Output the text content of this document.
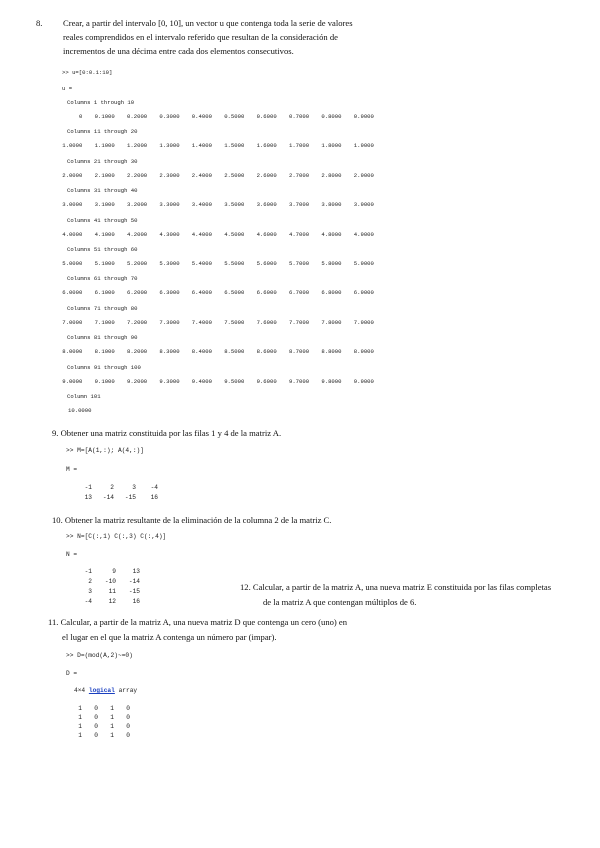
8. Crear, a partir del intervalo [0, 10], un vector u que contenga toda la serie de valores
reales comprendidos en el intervalo referido que resultan de la consideración de
incrementos de una décima entre cada dos elementos consecutivos.
>> u=[0:0.1:10]
u =
Columns 1 through 10
0	0.1000	0.2000	0.3000	0.4000	0.5000	0.6000	0.7000	0.8000	0.9000
Columns 11 through 20
1.0000	1.1000	1.2000	1.3000	1.4000	1.5000	1.6000	1.7000	1.8000	1.9000
Columns 21 through 30
2.0000	2.1000	2.2000	2.3000	2.4000	2.5000	2.6000	2.7000	2.8000	2.9000
Columns 31 through 40
3.0000	3.1000	3.2000	3.3000	3.4000	3.5000	3.6000	3.7000	3.8000	3.9000
Columns 41 through 50
4.0000	4.1000	4.2000	4.3000	4.4000	4.5000	4.6000	4.7000	4.8000	4.9000
Columns 51 through 60
5.0000	5.1000	5.2000	5.3000	5.4000	5.5000	5.6000	5.7000	5.8000	5.9000
Columns 61 through 70
6.0000	6.1000	6.2000	6.3000	6.4000	6.5000	6.6000	6.7000	6.8000	6.9000
Columns 71 through 80
7.0000	7.1000	7.2000	7.3000	7.4000	7.5000	7.6000	7.7000	7.8000	7.9000
Columns 81 through 90
8.0000	8.1000	8.2000	8.3000	8.4000	8.5000	8.6000	8.7000	8.8000	8.9000
Columns 91 through 100
9.0000	9.1000	9.2000	9.3000	9.4000	9.5000	9.6000	9.7000	9.8000	9.9000
Column 101
10.0000
9. Obtener una matriz constituida por las filas 1 y 4 de la matriz A.
>> M=[A(1,:); A(4,:)]
M =
-1	2	3	-4
13	-14	-15	16
10. Obtener la matriz resultante de la eliminación de la columna 2 de la matriz C.
>> N=[C(:,1) C(:,3) C(:,4)]
N =
-1	9	13
2	-10	-14
3	11	-15
-4	12	16
12. Calcular, a partir de la matriz A, una nueva matriz E constituida por las filas completas
de la matriz A que contengan múltiplos de 6.
11. Calcular, a partir de la matriz A, una nueva matriz D que contenga un cero (uno) en
el lugar en el que la matriz A contenga un número par (impar).
>> D=(mod(A,2)~=0)
D =
4×4 logical array
1	0	1	0
1	0	1	0
1	0	1	0
1	0	1	0
